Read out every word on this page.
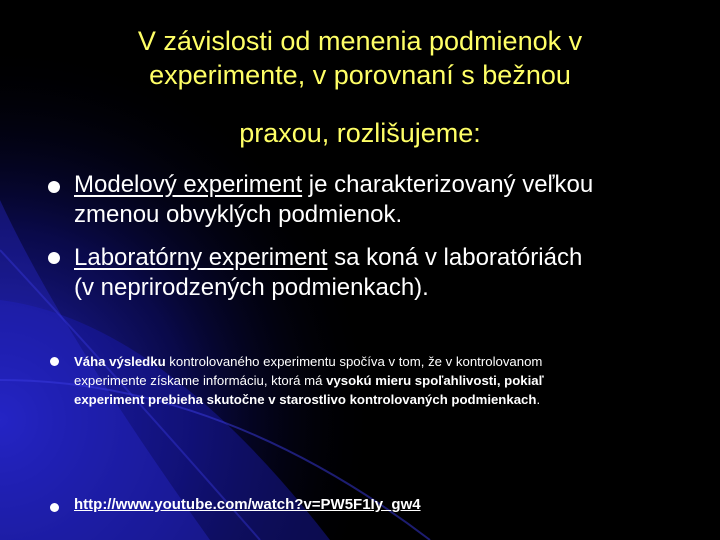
V závislosti od menenia podmienok v
experimente, v porovnaní s bežnou
praxou, rozlišujeme:
Modelový experiment je charakterizovaný veľkou
zmenou obvyklých podmienok.
Laboratórny experiment sa koná v laboratóriách
(v neprirodzených podmienkach).
Váha výsledku kontrolovaného experimentu spočíva v tom, že v kontrolovanom
experimente získame informáciu, ktorá má vysokú mieru spoľahlivosti, pokiaľ
experiment prebieha skutočne v starostlivo kontrolovaných podmienkach.
http://www.youtube.com/watch?v=PW5F1Iy_gw4
